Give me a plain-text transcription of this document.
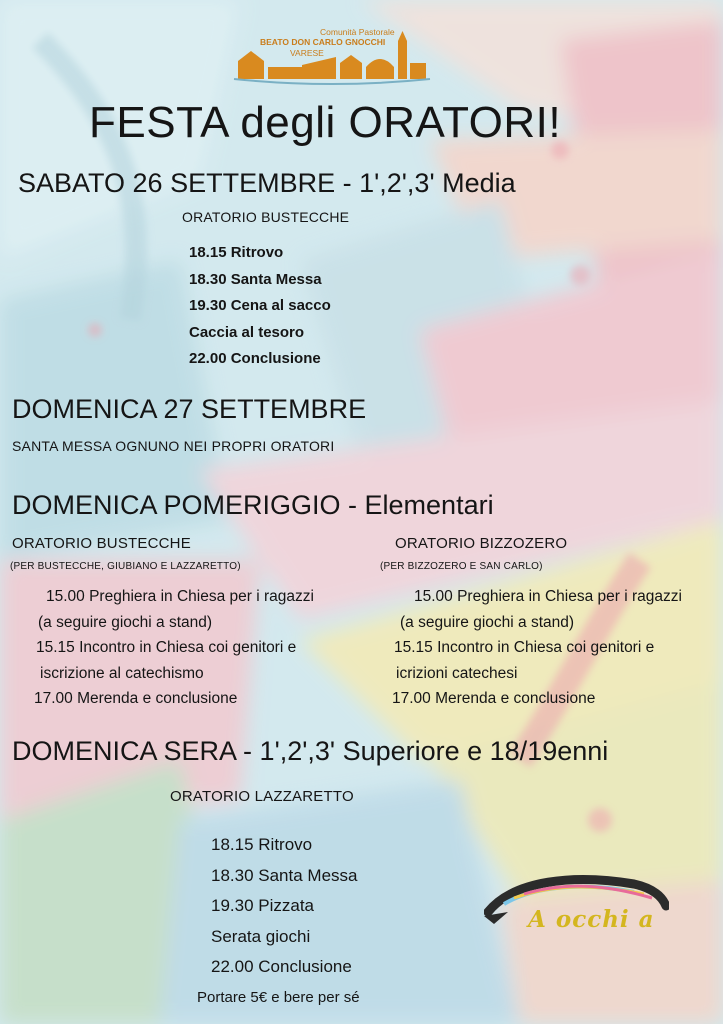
Comunità Pastorale
BEATO DON CARLO GNOCCHI
VARESE
FESTA degli ORATORI!
SABATO 26 SETTEMBRE - 1',2',3' Media
ORATORIO BUSTECCHE
18.15 Ritrovo
18.30 Santa Messa
19.30 Cena al sacco
Caccia al tesoro
22.00 Conclusione
DOMENICA 27 SETTEMBRE
SANTA MESSA OGNUNO NEI PROPRI ORATORI
DOMENICA POMERIGGIO - Elementari
ORATORIO BUSTECCHE
(PER BUSTECCHE, GIUBIANO E LAZZARETTO)
15.00 Preghiera in Chiesa per i ragazzi
(a seguire giochi a stand)
15.15 Incontro in Chiesa coi genitori e
iscrizione al catechismo
17.00 Merenda e conclusione
ORATORIO BIZZOZERO
(PER BIZZOZERO E SAN CARLO)
15.00 Preghiera in Chiesa per i ragazzi
(a seguire giochi a stand)
15.15 Incontro in Chiesa coi genitori e
icrizioni catechesi
17.00 Merenda e conclusione
DOMENICA SERA - 1',2',3' Superiore e 18/19enni
ORATORIO LAZZARETTO
18.15 Ritrovo
18.30 Santa Messa
19.30 Pizzata
Serata giochi
22.00 Conclusione
Portare 5€ e bere per sé
A occhi a
